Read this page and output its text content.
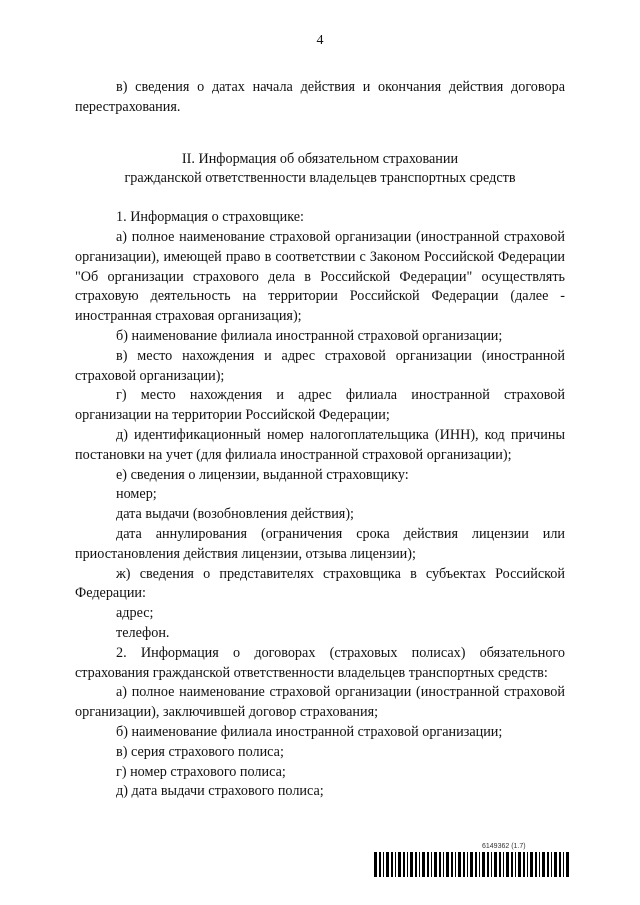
4

в) сведения о датах начала действия и окончания действия договора перестрахования.

II. Информация об обязательном страховании
гражданской ответственности владельцев транспортных средств

1. Информация о страховщике:

а) полное наименование страховой организации (иностранной страховой организации), имеющей право в соответствии с Законом Российской Федерации "Об организации страхового дела в Российской Федерации" осуществлять страховую деятельность на территории Российской Федерации (далее - иностранная страховая организация);

б) наименование филиала иностранной страховой организации;

в) место нахождения и адрес страховой организации (иностранной страховой организации);

г) место нахождения и адрес филиала иностранной страховой организации на территории Российской Федерации;

д) идентификационный номер налогоплательщика (ИНН), код причины постановки на учет (для филиала иностранной страховой организации);

е) сведения о лицензии, выданной страховщику:

номер;

дата выдачи (возобновления действия);

дата аннулирования (ограничения срока действия лицензии или приостановления действия лицензии, отзыва лицензии);

ж) сведения о представителях страховщика в субъектах Российской Федерации:

адрес;

телефон.

2. Информация о договорах (страховых полисах) обязательного страхования гражданской ответственности владельцев транспортных средств:

а) полное наименование страховой организации (иностранной страховой организации), заключившей договор страхования;

б) наименование филиала иностранной страховой организации;

в) серия страхового полиса;

г) номер страхового полиса;

д) дата выдачи страхового полиса;

6149362 (1.7)
